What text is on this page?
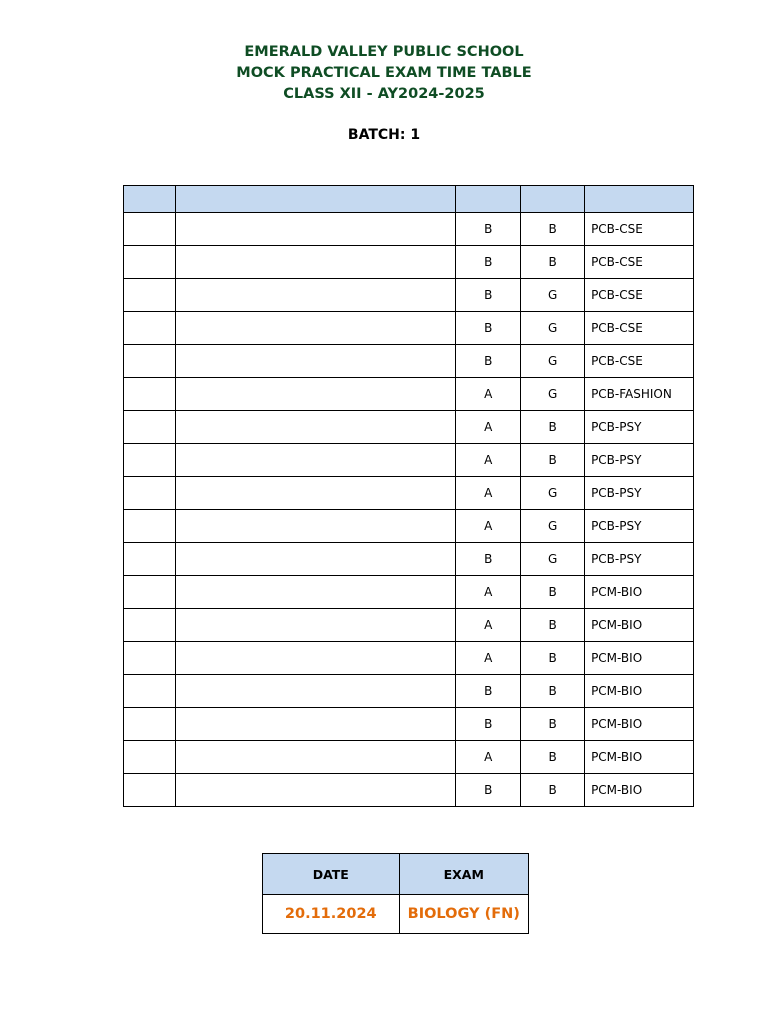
EMERALD VALLEY PUBLIC SCHOOL
MOCK PRACTICAL EXAM TIME TABLE
CLASS XII - AY2024-2025
BATCH: 1

		B	B	PCB-CSE
		B	B	PCB-CSE
		B	G	PCB-CSE
		B	G	PCB-CSE
		B	G	PCB-CSE
		A	G	PCB-FASHION
		A	B	PCB-PSY
		A	B	PCB-PSY
		A	G	PCB-PSY
		A	G	PCB-PSY
		B	G	PCB-PSY
		A	B	PCM-BIO
		A	B	PCM-BIO
		A	B	PCM-BIO
		B	B	PCM-BIO
		B	B	PCM-BIO
		A	B	PCM-BIO
		B	B	PCM-BIO
DATE	EXAM
20.11.2024	BIOLOGY (FN)
